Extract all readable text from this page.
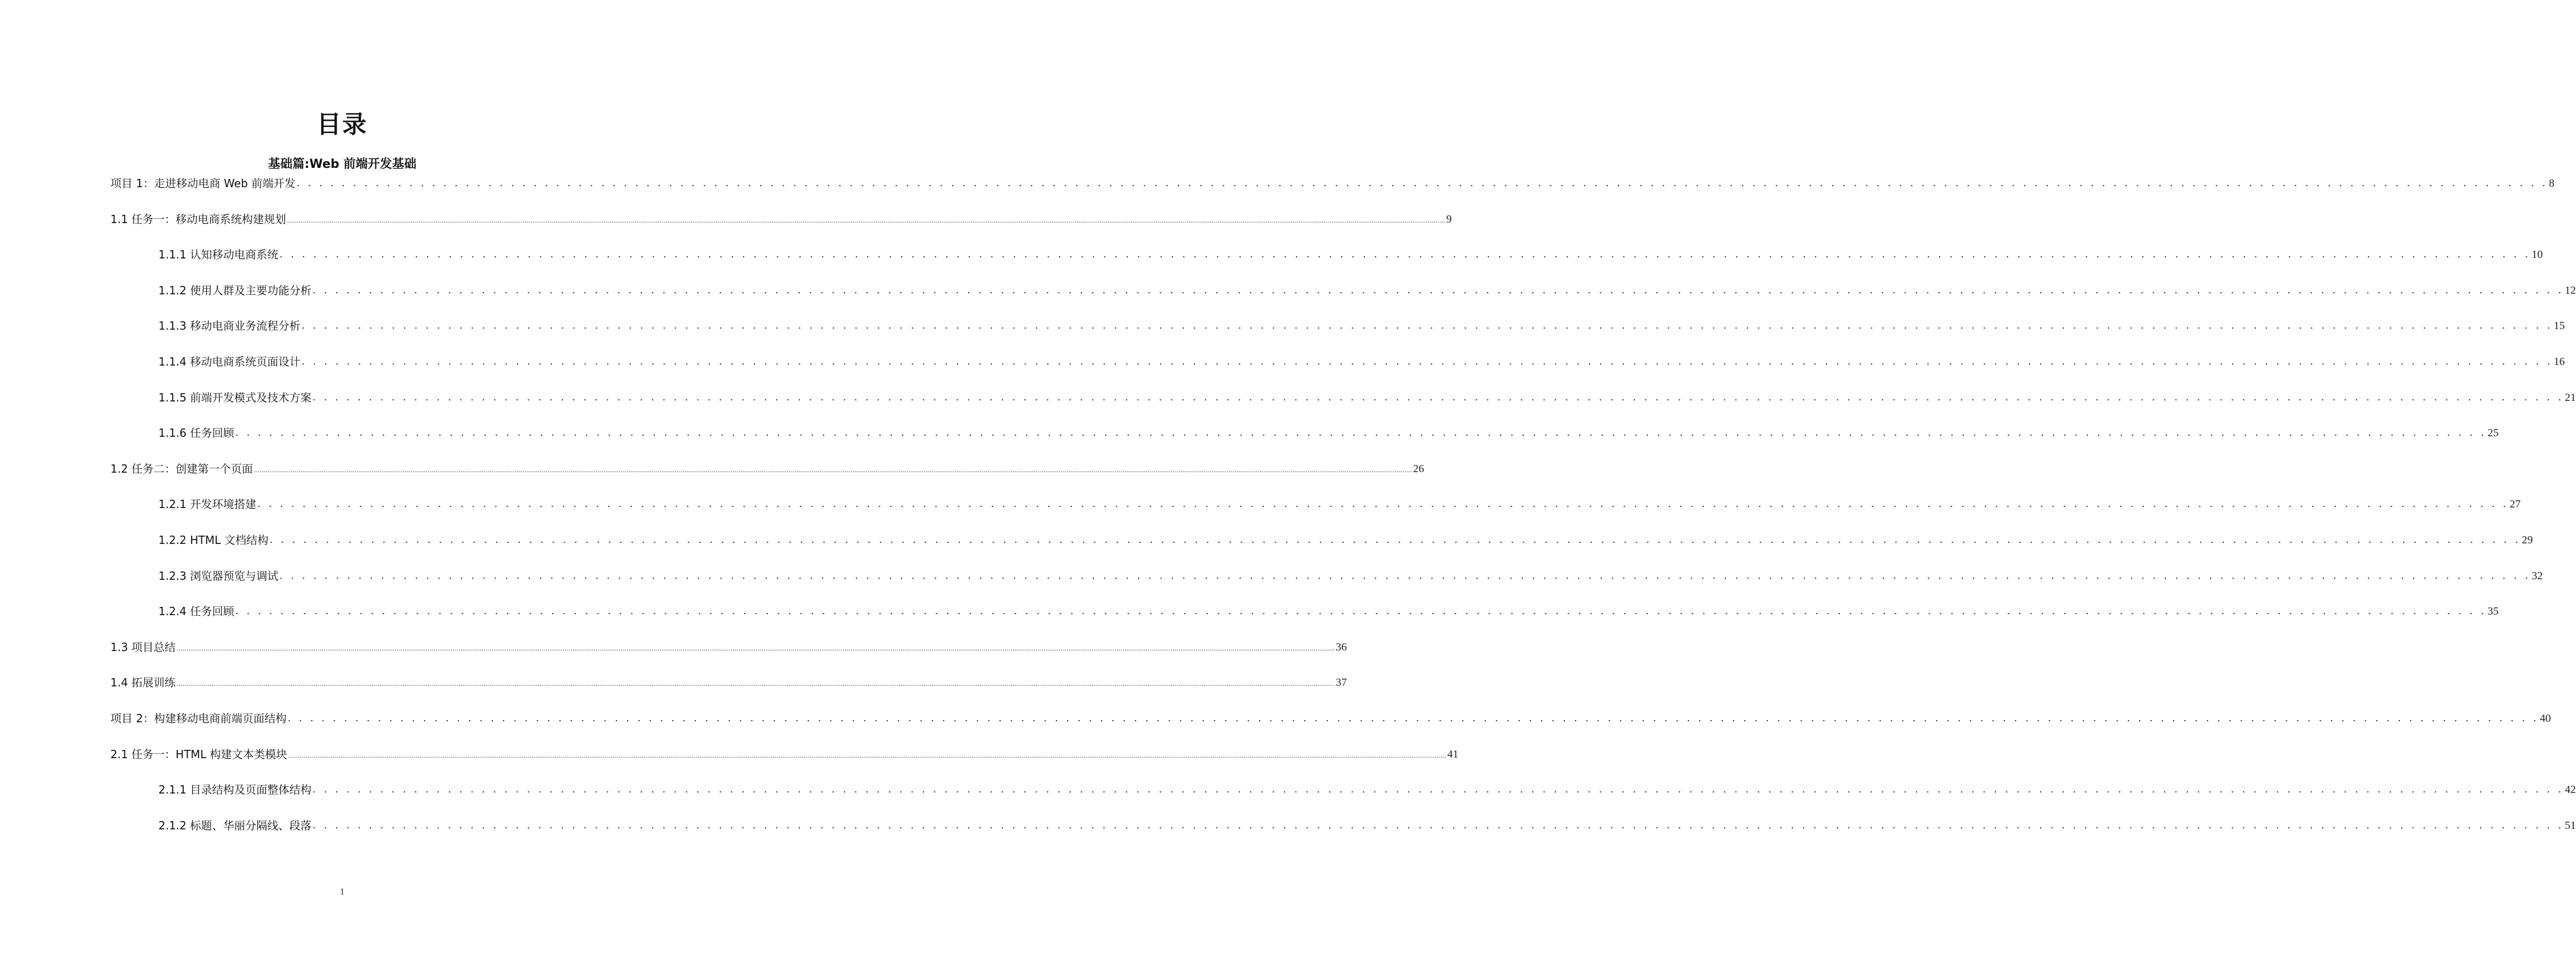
目录
基础篇:Web 前端开发基础
项目 1：走进移动电商 Web 前端开发 . . . . . . . . . . . . . . . . . . . . . . . . . . . . . . . . . . . . . . . . . . . . . . . . . . . . . . . . . . . . . . . . . . . . . . . . . . . . . . . . . . . . . . . . . . . . . . . . . . . . . . . . . . . . . . . . . . . . . . . . . . . . . . . . . . . . . . . . . . . . . . . . . . . . . . . . . . . . . . . . . . . . . . . . . . . . . . . . . . . . . . . . . . . . . . . . . . . . . . . . 8
1.1 任务一：移动电商系统构建规划 ........................................................................................................................................................................................................................................................................................................................................................................................................................................................................................................................................................................................................................ 9
1.1.1 认知移动电商系统 . . . . . . . . . . . . . . . . . . . . . . . . . . . . . . . . . . . . . . . . . . . . . . . . . . . . . . . . . . . . . . . . . . . . . . . . . . . . . . . . . . . . . . . . . . . . . . . . . . . . . . . . . . . . . . . . . . . . . . . . . . . . . . . . . . . . . . . . . . . . . . . . . . . . . . . . . . . . . . . . . . . . . . . . . . . . . . . . . . . . . . . . . . . . . . . . . . . . . . . . 10
1.1.2 使用人群及主要功能分析 . . . . . . . . . . . . . . . . . . . . . . . . . . . . . . . . . . . . . . . . . . . . . . . . . . . . . . . . . . . . . . . . . . . . . . . . . . . . . . . . . . . . . . . . . . . . . . . . . . . . . . . . . . . . . . . . . . . . . . . . . . . . . . . . . . . . . . . . . . . . . . . . . . . . . . . . . . . . . . . . . . . . . . . . . . . . . . . . . . . . . . . . . . . . . . . . . . . . . . . . 12
1.1.3 移动电商业务流程分析 . . . . . . . . . . . . . . . . . . . . . . . . . . . . . . . . . . . . . . . . . . . . . . . . . . . . . . . . . . . . . . . . . . . . . . . . . . . . . . . . . . . . . . . . . . . . . . . . . . . . . . . . . . . . . . . . . . . . . . . . . . . . . . . . . . . . . . . . . . . . . . . . . . . . . . . . . . . . . . . . . . . . . . . . . . . . . . . . . . . . . . . . . . . . . . . . . . . . . . . . 15
1.1.4 移动电商系统页面设计 . . . . . . . . . . . . . . . . . . . . . . . . . . . . . . . . . . . . . . . . . . . . . . . . . . . . . . . . . . . . . . . . . . . . . . . . . . . . . . . . . . . . . . . . . . . . . . . . . . . . . . . . . . . . . . . . . . . . . . . . . . . . . . . . . . . . . . . . . . . . . . . . . . . . . . . . . . . . . . . . . . . . . . . . . . . . . . . . . . . . . . . . . . . . . . . . . . . . . . . . 16
1.1.5 前端开发模式及技术方案 . . . . . . . . . . . . . . . . . . . . . . . . . . . . . . . . . . . . . . . . . . . . . . . . . . . . . . . . . . . . . . . . . . . . . . . . . . . . . . . . . . . . . . . . . . . . . . . . . . . . . . . . . . . . . . . . . . . . . . . . . . . . . . . . . . . . . . . . . . . . . . . . . . . . . . . . . . . . . . . . . . . . . . . . . . . . . . . . . . . . . . . . . . . . . . . . . . . . . . . . 21
1.1.6 任务回顾 . . . . . . . . . . . . . . . . . . . . . . . . . . . . . . . . . . . . . . . . . . . . . . . . . . . . . . . . . . . . . . . . . . . . . . . . . . . . . . . . . . . . . . . . . . . . . . . . . . . . . . . . . . . . . . . . . . . . . . . . . . . . . . . . . . . . . . . . . . . . . . . . . . . . . . . . . . . . . . . . . . . . . . . . . . . . . . . . . . . . . . . . . . . . . . . . . . . . . . . . 25
1.2 任务二：创建第一个页面 ........................................................................................................................................................................................................................................................................................................................................................................................................................................................................................................................................................................................................................ 26
1.2.1 开发环境搭建 . . . . . . . . . . . . . . . . . . . . . . . . . . . . . . . . . . . . . . . . . . . . . . . . . . . . . . . . . . . . . . . . . . . . . . . . . . . . . . . . . . . . . . . . . . . . . . . . . . . . . . . . . . . . . . . . . . . . . . . . . . . . . . . . . . . . . . . . . . . . . . . . . . . . . . . . . . . . . . . . . . . . . . . . . . . . . . . . . . . . . . . . . . . . . . . . . . . . . . . . 27
1.2.2 HTML 文档结构 . . . . . . . . . . . . . . . . . . . . . . . . . . . . . . . . . . . . . . . . . . . . . . . . . . . . . . . . . . . . . . . . . . . . . . . . . . . . . . . . . . . . . . . . . . . . . . . . . . . . . . . . . . . . . . . . . . . . . . . . . . . . . . . . . . . . . . . . . . . . . . . . . . . . . . . . . . . . . . . . . . . . . . . . . . . . . . . . . . . . . . . . . . . . . . . . . . . . . . . . 29
1.2.3 浏览器预览与调试 . . . . . . . . . . . . . . . . . . . . . . . . . . . . . . . . . . . . . . . . . . . . . . . . . . . . . . . . . . . . . . . . . . . . . . . . . . . . . . . . . . . . . . . . . . . . . . . . . . . . . . . . . . . . . . . . . . . . . . . . . . . . . . . . . . . . . . . . . . . . . . . . . . . . . . . . . . . . . . . . . . . . . . . . . . . . . . . . . . . . . . . . . . . . . . . . . . . . . . . . 32
1.2.4 任务回顾 . . . . . . . . . . . . . . . . . . . . . . . . . . . . . . . . . . . . . . . . . . . . . . . . . . . . . . . . . . . . . . . . . . . . . . . . . . . . . . . . . . . . . . . . . . . . . . . . . . . . . . . . . . . . . . . . . . . . . . . . . . . . . . . . . . . . . . . . . . . . . . . . . . . . . . . . . . . . . . . . . . . . . . . . . . . . . . . . . . . . . . . . . . . . . . . . . . . . . . . . 35
1.3 项目总结 ........................................................................................................................................................................................................................................................................................................................................................................................................................................................................................................................................................................................................................ 36
1.4 拓展训练 ........................................................................................................................................................................................................................................................................................................................................................................................................................................................................................................................................................................................................................ 37
项目 2：构建移动电商前端页面结构 . . . . . . . . . . . . . . . . . . . . . . . . . . . . . . . . . . . . . . . . . . . . . . . . . . . . . . . . . . . . . . . . . . . . . . . . . . . . . . . . . . . . . . . . . . . . . . . . . . . . . . . . . . . . . . . . . . . . . . . . . . . . . . . . . . . . . . . . . . . . . . . . . . . . . . . . . . . . . . . . . . . . . . . . . . . . . . . . . . . . . . . . . . . . . . . . . . . . . . . . 40
2.1 任务一：HTML 构建文本类模块 ........................................................................................................................................................................................................................................................................................................................................................................................................................................................................................................................................................................................................................ 41
2.1.1 目录结构及页面整体结构 . . . . . . . . . . . . . . . . . . . . . . . . . . . . . . . . . . . . . . . . . . . . . . . . . . . . . . . . . . . . . . . . . . . . . . . . . . . . . . . . . . . . . . . . . . . . . . . . . . . . . . . . . . . . . . . . . . . . . . . . . . . . . . . . . . . . . . . . . . . . . . . . . . . . . . . . . . . . . . . . . . . . . . . . . . . . . . . . . . . . . . . . . . . . . . . . . . . . . . . . 42
2.1.2 标题、华丽分隔线、段落 . . . . . . . . . . . . . . . . . . . . . . . . . . . . . . . . . . . . . . . . . . . . . . . . . . . . . . . . . . . . . . . . . . . . . . . . . . . . . . . . . . . . . . . . . . . . . . . . . . . . . . . . . . . . . . . . . . . . . . . . . . . . . . . . . . . . . . . . . . . . . . . . . . . . . . . . . . . . . . . . . . . . . . . . . . . . . . . . . . . . . . . . . . . . . . . . . . . . . . . . 51
1
